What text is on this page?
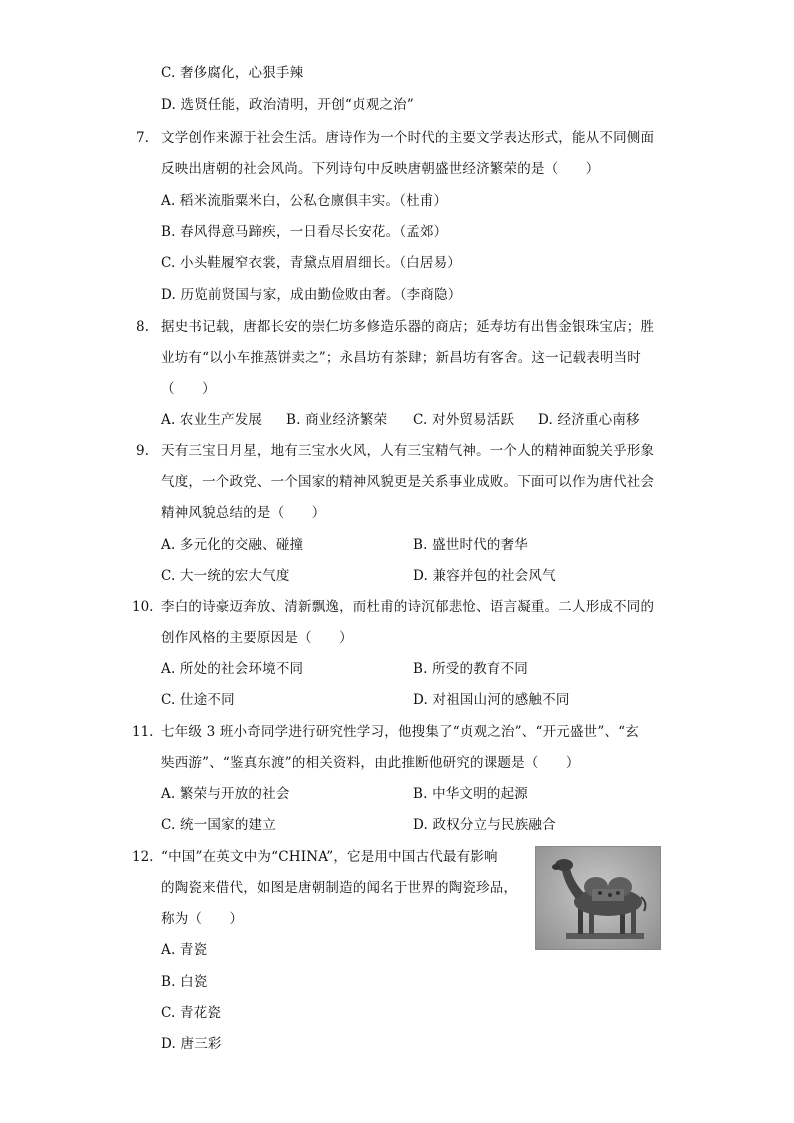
C. 奢侈腐化，心狠手辣
D. 选贤任能，政治清明，开创“贞观之治”
7. 文学创作来源于社会生活。唐诗作为一个时代的主要文学表达形式，能从不同侧面
反映出唐朝的社会风尚。下列诗句中反映唐朝盛世经济繁荣的是（　　）
A. 稻米流脂粟米白，公私仓廪俱丰实。（杜甫）
B. 春风得意马蹄疾，一日看尽长安花。（孟郊）
C. 小头鞋履窄衣裳，青黛点眉眉细长。（白居易）
D. 历览前贤国与家，成由勤俭败由奢。（李商隐）
8. 据史书记载，唐都长安的崇仁坊多修造乐器的商店；延寿坊有出售金银珠宝店；胜
业坊有“以小车推蒸饼卖之”；永昌坊有茶肆；新昌坊有客舍。这一记载表明当时
（　　）
A. 农业生产发展 B. 商业经济繁荣 C. 对外贸易活跃 D. 经济重心南移
9. 天有三宝日月星，地有三宝水火风，人有三宝精气神。一个人的精神面貌关乎形象
气度，一个政党、一个国家的精神风貌更是关系事业成败。下面可以作为唐代社会
精神风貌总结的是（　　）
A. 多元化的交融、碰撞	B. 盛世时代的奢华
C. 大一统的宏大气度	D. 兼容并包的社会风气
10. 李白的诗豪迈奔放、清新飘逸，而杜甫的诗沉郁悲怆、语言凝重。二人形成不同的
创作风格的主要原因是（　　）
A. 所处的社会环境不同	B. 所受的教育不同
C. 仕途不同	D. 对祖国山河的感触不同
11. 七年级 3 班小奇同学进行研究性学习，他搜集了“贞观之治”、“开元盛世”、“玄
奘西游”、“鉴真东渡”的相关资料，由此推断他研究的课题是（　　）
A. 繁荣与开放的社会	B. 中华文明的起源
C. 统一国家的建立	D. 政权分立与民族融合
12. “中国”在英文中为“CHINA”，它是用中国古代最有影响
的陶瓷来借代，如图是唐朝制造的闻名于世界的陶瓷珍品，
称为（　　）
A. 青瓷
B. 白瓷
C. 青花瓷
D. 唐三彩
